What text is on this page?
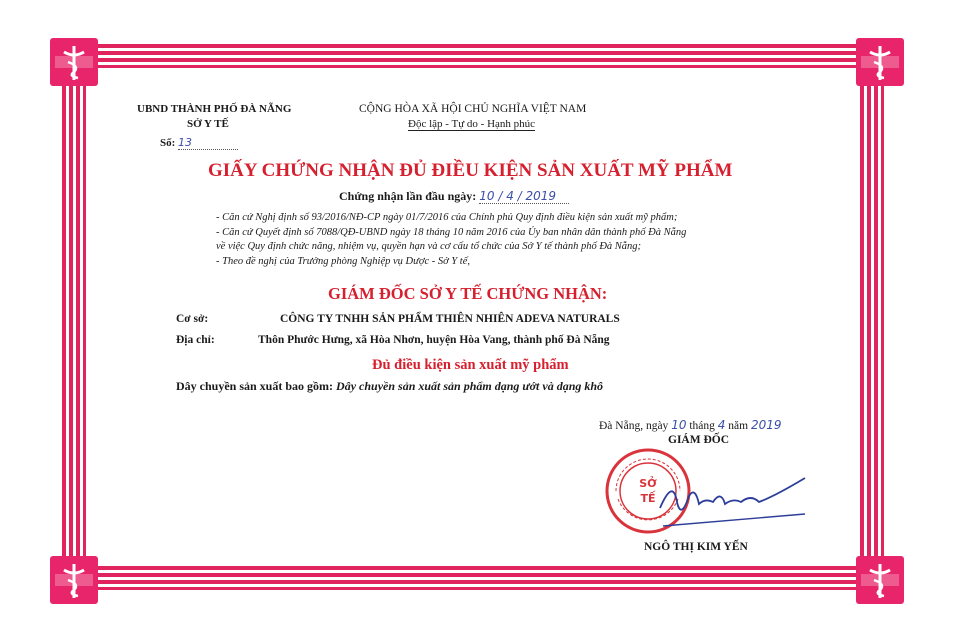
UBND THÀNH PHỐ ĐÀ NẴNG
SỞ Y TẾ
Số: 13
CỘNG HÒA XÃ HỘI CHỦ NGHĨA VIỆT NAM
Độc lập - Tự do - Hạnh phúc
GIẤY CHỨNG NHẬN ĐỦ ĐIỀU KIỆN SẢN XUẤT MỸ PHẨM
Chứng nhận lần đầu ngày: 10 / 4 / 2019
- Căn cứ Nghị định số 93/2016/NĐ-CP ngày 01/7/2016 của Chính phủ Quy định điều kiện sản xuất mỹ phẩm;
- Căn cứ Quyết định số 7088/QĐ-UBND ngày 18 tháng 10 năm 2016 của Ủy ban nhân dân thành phố Đà Nẵng
về việc Quy định chức năng, nhiệm vụ, quyền hạn và cơ cấu tổ chức của Sở Y tế thành phố Đà Nẵng;
- Theo đề nghị của Trưởng phòng Nghiệp vụ Dược - Sở Y tế,
GIÁM ĐỐC SỞ Y TẾ CHỨNG NHẬN:
Cơ sở:	CÔNG TY TNHH SẢN PHẨM THIÊN NHIÊN ADEVA NATURALS
Địa chỉ:	Thôn Phước Hưng, xã Hòa Nhơn, huyện Hòa Vang, thành phố Đà Nẵng
Đủ điều kiện sản xuất mỹ phẩm
Dây chuyền sản xuất bao gồm: Dây chuyền sản xuất sản phẩm dạng ướt và dạng khô
Đà Nẵng, ngày 10 tháng 4 năm 2019
GIÁM ĐỐC
SỞ
TẾ
NGÔ THỊ KIM YẾN
